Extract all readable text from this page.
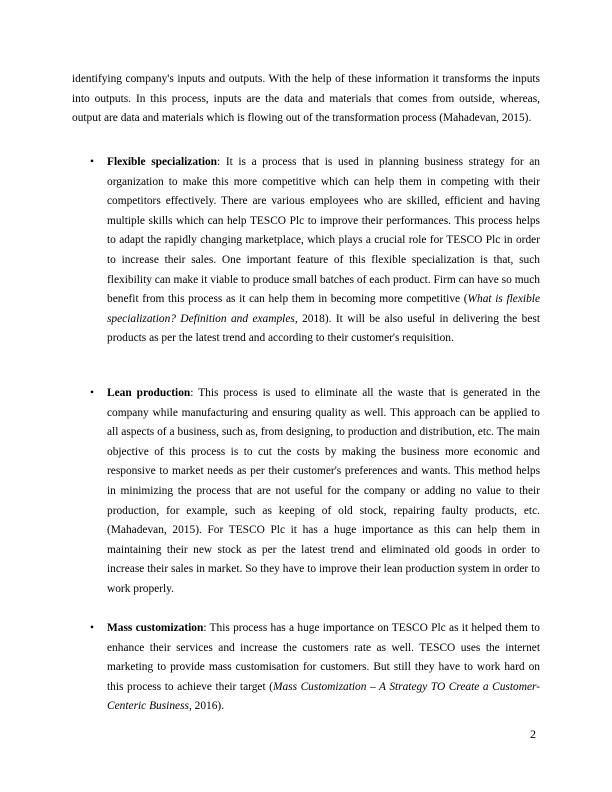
identifying company's inputs and outputs. With the help of these information it transforms the inputs into outputs. In this process, inputs are the data and materials that comes from outside, whereas, output are data and materials which is flowing out of the transformation process (Mahadevan, 2015).

• Flexible specialization: It is a process that is used in planning business strategy for an organization to make this more competitive which can help them in competing with their competitors effectively. There are various employees who are skilled, efficient and having multiple skills which can help TESCO Plc to improve their performances. This process helps to adapt the rapidly changing marketplace, which plays a crucial role for TESCO Plc in order to increase their sales. One important feature of this flexible specialization is that, such flexibility can make it viable to produce small batches of each product. Firm can have so much benefit from this process as it can help them in becoming more competitive (What is flexible specialization? Definition and examples, 2018). It will be also useful in delivering the best products as per the latest trend and according to their customer's requisition.

• Lean production: This process is used to eliminate all the waste that is generated in the company while manufacturing and ensuring quality as well. This approach can be applied to all aspects of a business, such as, from designing, to production and distribution, etc. The main objective of this process is to cut the costs by making the business more economic and responsive to market needs as per their customer's preferences and wants. This method helps in minimizing the process that are not useful for the company or adding no value to their production, for example, such as keeping of old stock, repairing faulty products, etc. (Mahadevan, 2015). For TESCO Plc it has a huge importance as this can help them in maintaining their new stock as per the latest trend and eliminated old goods in order to increase their sales in market. So they have to improve their lean production system in order to work properly.

• Mass customization: This process has a huge importance on TESCO Plc as it helped them to enhance their services and increase the customers rate as well. TESCO uses the internet marketing to provide mass customisation for customers. But still they have to work hard on this process to achieve their target (Mass Customization – A Strategy TO Create a Customer-Centeric Business, 2016).

2
